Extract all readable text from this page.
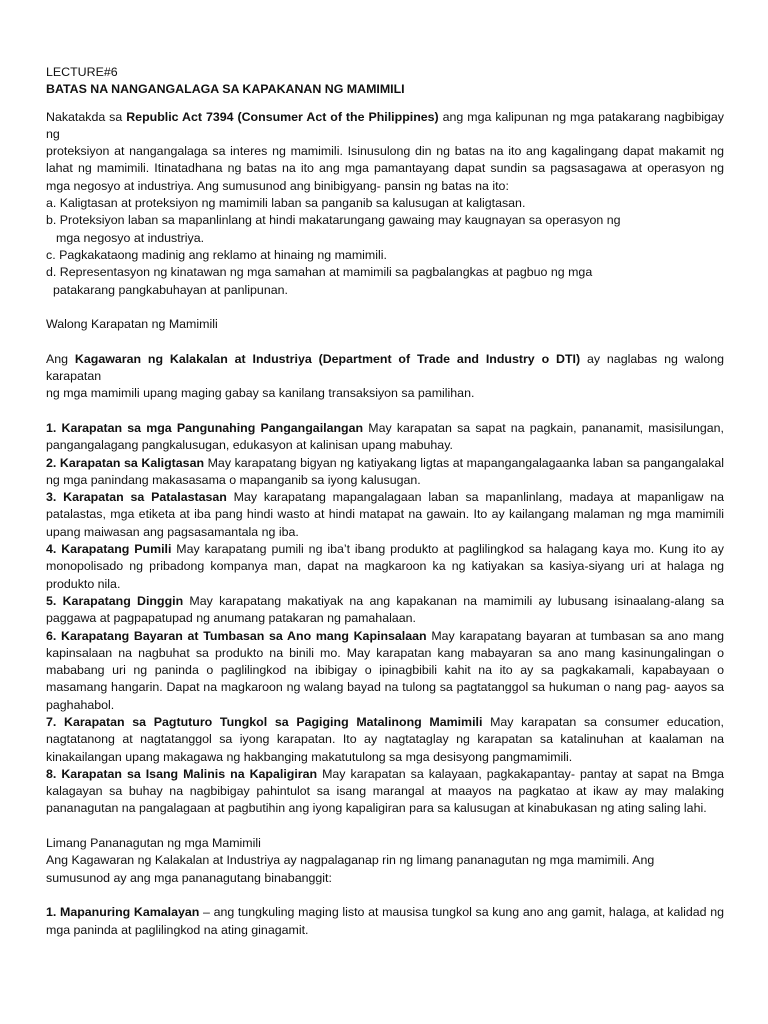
LECTURE#6
BATAS NA NANGANGALAGA SA KAPAKANAN NG MAMIMILI
Nakatakda sa Republic Act 7394 (Consumer Act of the Philippines) ang mga kalipunan ng mga patakarang nagbibigay ng
proteksiyon at nangangalaga sa interes ng mamimili. Isinusulong din ng batas na ito ang kagalingang dapat makamit ng
lahat ng mamimili. Itinatadhana ng batas na ito ang mga pamantayang dapat sundin sa pagsasagawa at operasyon ng
mga negosyo at industriya. Ang sumusunod ang binibigyang- pansin ng batas na ito:
a. Kaligtasan at proteksiyon ng mamimili laban sa panganib sa kalusugan at kaligtasan.
b. Proteksiyon laban sa mapanlinlang at hindi makatarungang gawaing may kaugnayan sa operasyon ng
mga negosyo at industriya.
c. Pagkakataong madinig ang reklamo at hinaing ng mamimili.
d. Representasyon ng kinatawan ng mga samahan at mamimili sa pagbalangkas at pagbuo ng mga
patakarang pangkabuhayan at panlipunan.
Walong Karapatan ng Mamimili
Ang Kagawaran ng Kalakalan at Industriya (Department of Trade and Industry o DTI) ay naglabas ng walong karapatan
ng mga mamimili upang maging gabay sa kanilang transaksiyon sa pamilihan.
1. Karapatan sa mga Pangunahing Pangangailangan May karapatan sa sapat na pagkain, pananamit, masisilungan,
pangangalagang pangkalusugan, edukasyon at kalinisan upang mabuhay.
2. Karapatan sa Kaligtasan May karapatang bigyan ng katiyakang ligtas at mapangangalagaanka laban sa pangangalakal
ng mga panindang makasasama o mapanganib sa iyong kalusugan.
3. Karapatan sa Patalastasan May karapatang mapangalagaan laban sa mapanlinlang, madaya at mapanligaw na
patalastas, mga etiketa at iba pang hindi wasto at hindi matapat na gawain. Ito ay kailangang malaman ng mga mamimili
upang maiwasan ang pagsasamantala ng iba.
4. Karapatang Pumili May karapatang pumili ng iba’t ibang produkto at paglilingkod sa halagang kaya mo. Kung ito ay
monopolisado ng pribadong kompanya man, dapat na magkaroon ka ng katiyakan sa kasiya-siyang uri at halaga ng
produkto nila.
5. Karapatang Dinggin May karapatang makatiyak na ang kapakanan na mamimili ay lubusang isinaalang-alang sa
paggawa at pagpapatupad ng anumang patakaran ng pamahalaan.
6. Karapatang Bayaran at Tumbasan sa Ano mang Kapinsalaan May karapatang bayaran at tumbasan sa ano mang
kapinsalaan na nagbuhat sa produkto na binili mo. May karapatan kang mabayaran sa ano mang kasinungalingan o
mababang uri ng paninda o paglilingkod na ibibigay o ipinagbibili kahit na ito ay sa pagkakamali, kapabayaan o
masamang hangarin. Dapat na magkaroon ng walang bayad na tulong sa pagtatanggol sa hukuman o nang pag- aayos sa
paghahabol.
7. Karapatan sa Pagtuturo Tungkol sa Pagiging Matalinong Mamimili May karapatan sa consumer education,
nagtatanong at nagtatanggol sa iyong karapatan. Ito ay nagtataglay ng karapatan sa katalinuhan at kaalaman na
kinakailangan upang makagawa ng hakbanging makatutulong sa mga desisyong pangmamimili.
8. Karapatan sa Isang Malinis na Kapaligiran May karapatan sa kalayaan, pagkakapantay- pantay at sapat na Bmga
kalagayan sa buhay na nagbibigay pahintulot sa isang marangal at maayos na pagkatao at ikaw ay may malaking
pananagutan na pangalagaan at pagbutihin ang iyong kapaligiran para sa kalusugan at kinabukasan ng ating saling lahi.
Limang Pananagutan ng mga Mamimili
Ang Kagawaran ng Kalakalan at Industriya ay nagpalaganap rin ng limang pananagutan ng mga mamimili. Ang
sumusunod ay ang mga pananagutang binabanggit:
1. Mapanuring Kamalayan – ang tungkuling maging listo at mausisa tungkol sa kung ano ang gamit, halaga, at kalidad ng
mga paninda at paglilingkod na ating ginagamit.
